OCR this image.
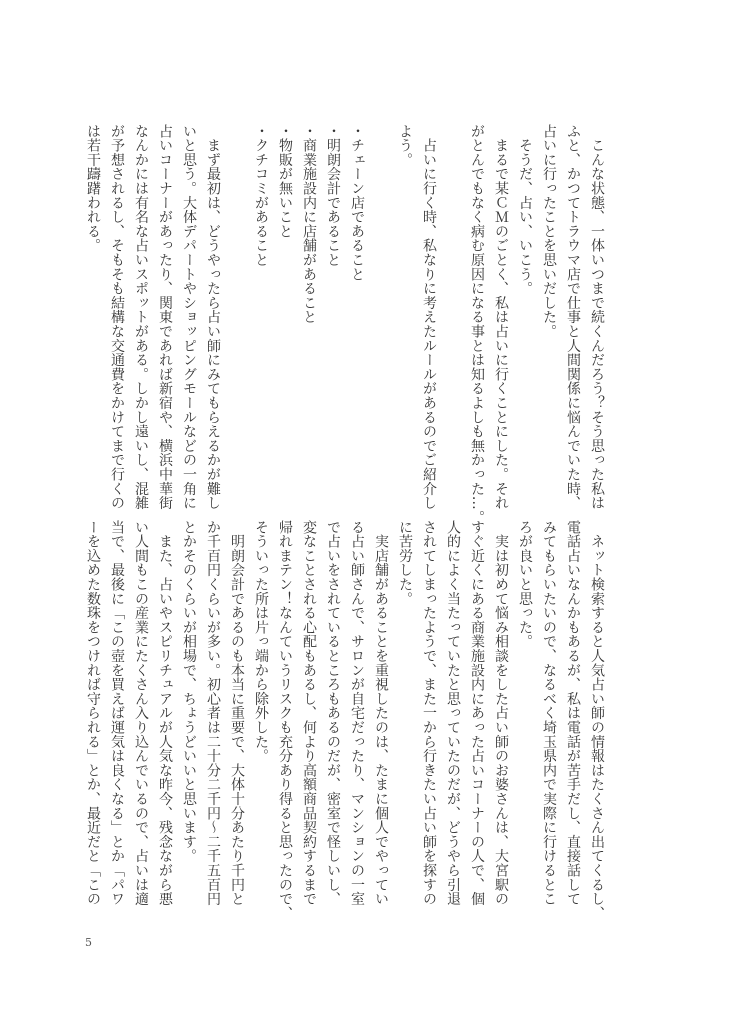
　こんな状態、一体いつまで続くんだろう？そう思った私は
ふと、かつてトラウマ店で仕事と人間関係に悩んでいた時、
占いに行ったことを思いだした。
　そうだ、占い、いこう。
　まるで某ＣＭのごとく、私は占いに行くことにした。それ
がとんでもなく病む原因になる事とは知るよしも無かった…。
　占いに行く時、私なりに考えたルールがあるのでご紹介し
よう。
・チェーン店であること
・明朗会計であること
・商業施設内に店舗があること
・物販が無いこと
・クチコミがあること
　まず最初は、どうやったら占い師にみてもらえるかが難し
いと思う。大体デパートやショッピングモールなどの一角に
占いコーナーがあったり、関東であれば新宿や、横浜中華街
なんかには有名な占いスポットがある。しかし遠いし、混雑
が予想されるし、そもそも結構な交通費をかけてまで行くの
は若干躊躇われる。
　ネット検索すると人気占い師の情報はたくさん出てくるし、
電話占いなんかもあるが、私は電話が苦手だし、直接話して
みてもらいたいので、なるべく埼玉県内で実際に行けるとこ
ろが良いと思った。
　実は初めて悩み相談をした占い師のお婆さんは、大宮駅の
すぐ近くにある商業施設内にあった占いコーナーの人で、個
人的によく当たっていたと思っていたのだが、どうやら引退
されてしまったようで、また一から行きたい占い師を探すの
に苦労した。
　実店舗があることを重視したのは、たまに個人でやってい
る占い師さんで、サロンが自宅だったり、マンションの一室
で占いをされているところもあるのだが、密室で怪しいし、
変なことされる心配もあるし、何より高額商品契約するまで
帰れまテン！なんていうリスクも充分あり得ると思ったので、
そういった所は片っ端から除外した。
　明朗会計であるのも本当に重要で、大体十分あたり千円と
か千百円くらいが多い。初心者は二十分二千円～二千五百円
とかそのくらいが相場で、ちょうどいいと思います。
　また、占いやスピリチュアルが人気な昨今、残念ながら悪
い人間もこの産業にたくさん入り込んでいるので、占いは適
当で、最後に「この壺を買えば運気は良くなる」とか「パワ
ーを込めた数珠をつければ守られる」とか、最近だと「この
5
